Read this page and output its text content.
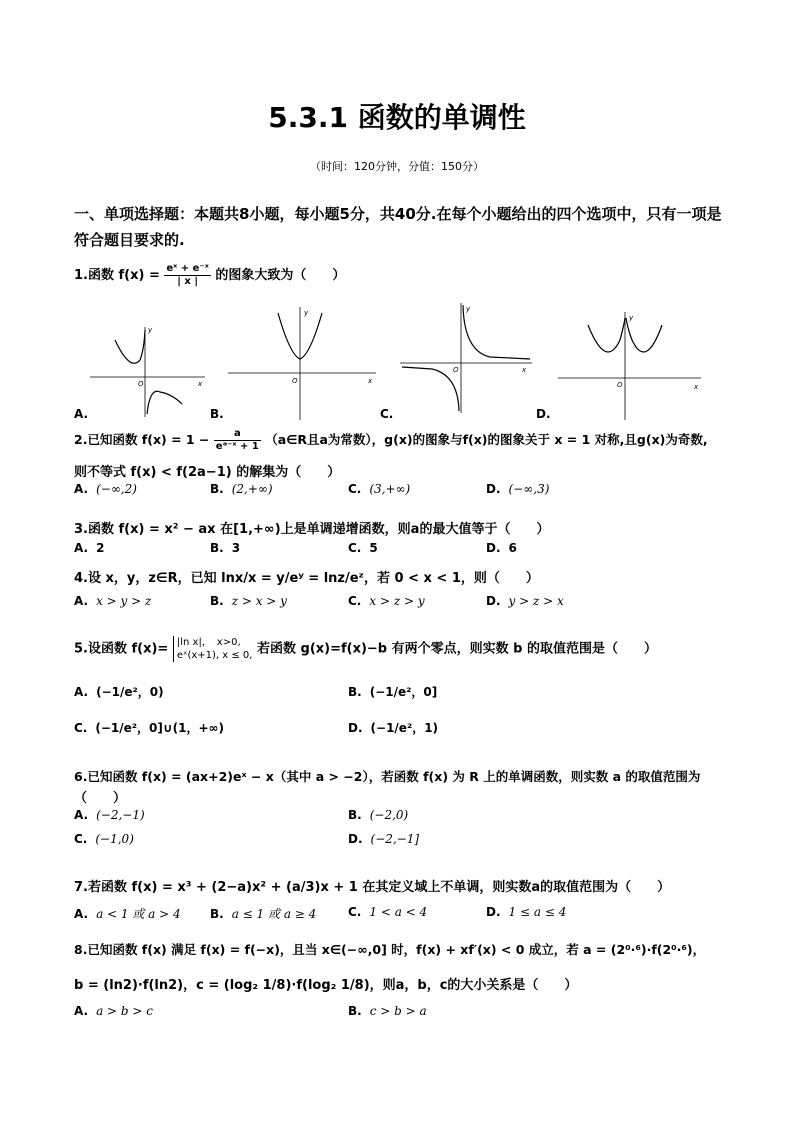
5.3.1 函数的单调性
（时间：120分钟，分值：150分）
一、单项选择题：本题共8小题，每小题5分，共40分.在每个小题给出的四个选项中，只有一项是符合题目要求的.
1.函数 $f(x) = \frac{\text{eˣ + e⁻ˣ}}{| x |}$ 的图象大致为（　　）
y
O	x
y
O	x
y
O	x
y
O	x
A.	B.	C.	D.
2.已知函数 $f(x) = 1 - \frac{a}{\text{eᵃ⁻ˣ + 1}}$ （a∈R且a为常数），g(x)的图象与f(x)的图象关于 x = 1 对称,且g(x)为奇数,
则不等式 f(x) < f(2a−1) 的解集为（　　）
A. (−∞,2)	B. (2,+∞)	C. (3,+∞)	D. (−∞,3)
3.函数 f(x) = x² − ax 在[1,+∞)上是单调递增函数，则a的最大值等于（　　）
A. 2	B. 3	C. 5	D. 6
4.设 x，y，z∈R，已知 lnx/x = y/eʸ = lnz/eᶻ，若 0 < x < 1，则（　　）
A. x > y > z	B. z > x > y	C. x > z > y	D. y > z > x
5.设函数 f(x)= |ln x|，　x>0,
eˣ(x+1), x ≤ 0, 若函数 g(x)=f(x)−b 有两个零点，则实数 b 的取值范围是（　　）
A. (−1/e²，0)	B. (−1/e²，0]
C. (−1/e²，0]∪(1，+∞)	D. (−1/e²，1)
6.已知函数 f(x) = (ax+2)eˣ − x（其中 a > −2），若函数 f(x) 为 R 上的单调函数，则实数 a 的取值范围为
（　　）
A. (−2,−1)	B. (−2,0)
C. (−1,0)	D. (−2,−1]
7.若函数 f(x) = x³ + (2−a)x² + (a/3)x + 1 在其定义域上不单调，则实数a的取值范围为（　　）
A. a < 1 或 a > 4 B. a ≤ 1 或 a ≥ 4	C. 1 < a < 4	D. 1 ≤ a ≤ 4
8.已知函数 f(x) 满足 f(x) = f(−x)，且当 x∈(−∞,0] 时，f(x) + xf′(x) < 0 成立，若 a = (2⁰·⁶)·f(2⁰·⁶)，
b = (ln2)·f(ln2)，c = (log₂ 1/8)·f(log₂ 1/8)，则a，b，c的大小关系是（　　）
A. a > b > c	B. c > b > a
